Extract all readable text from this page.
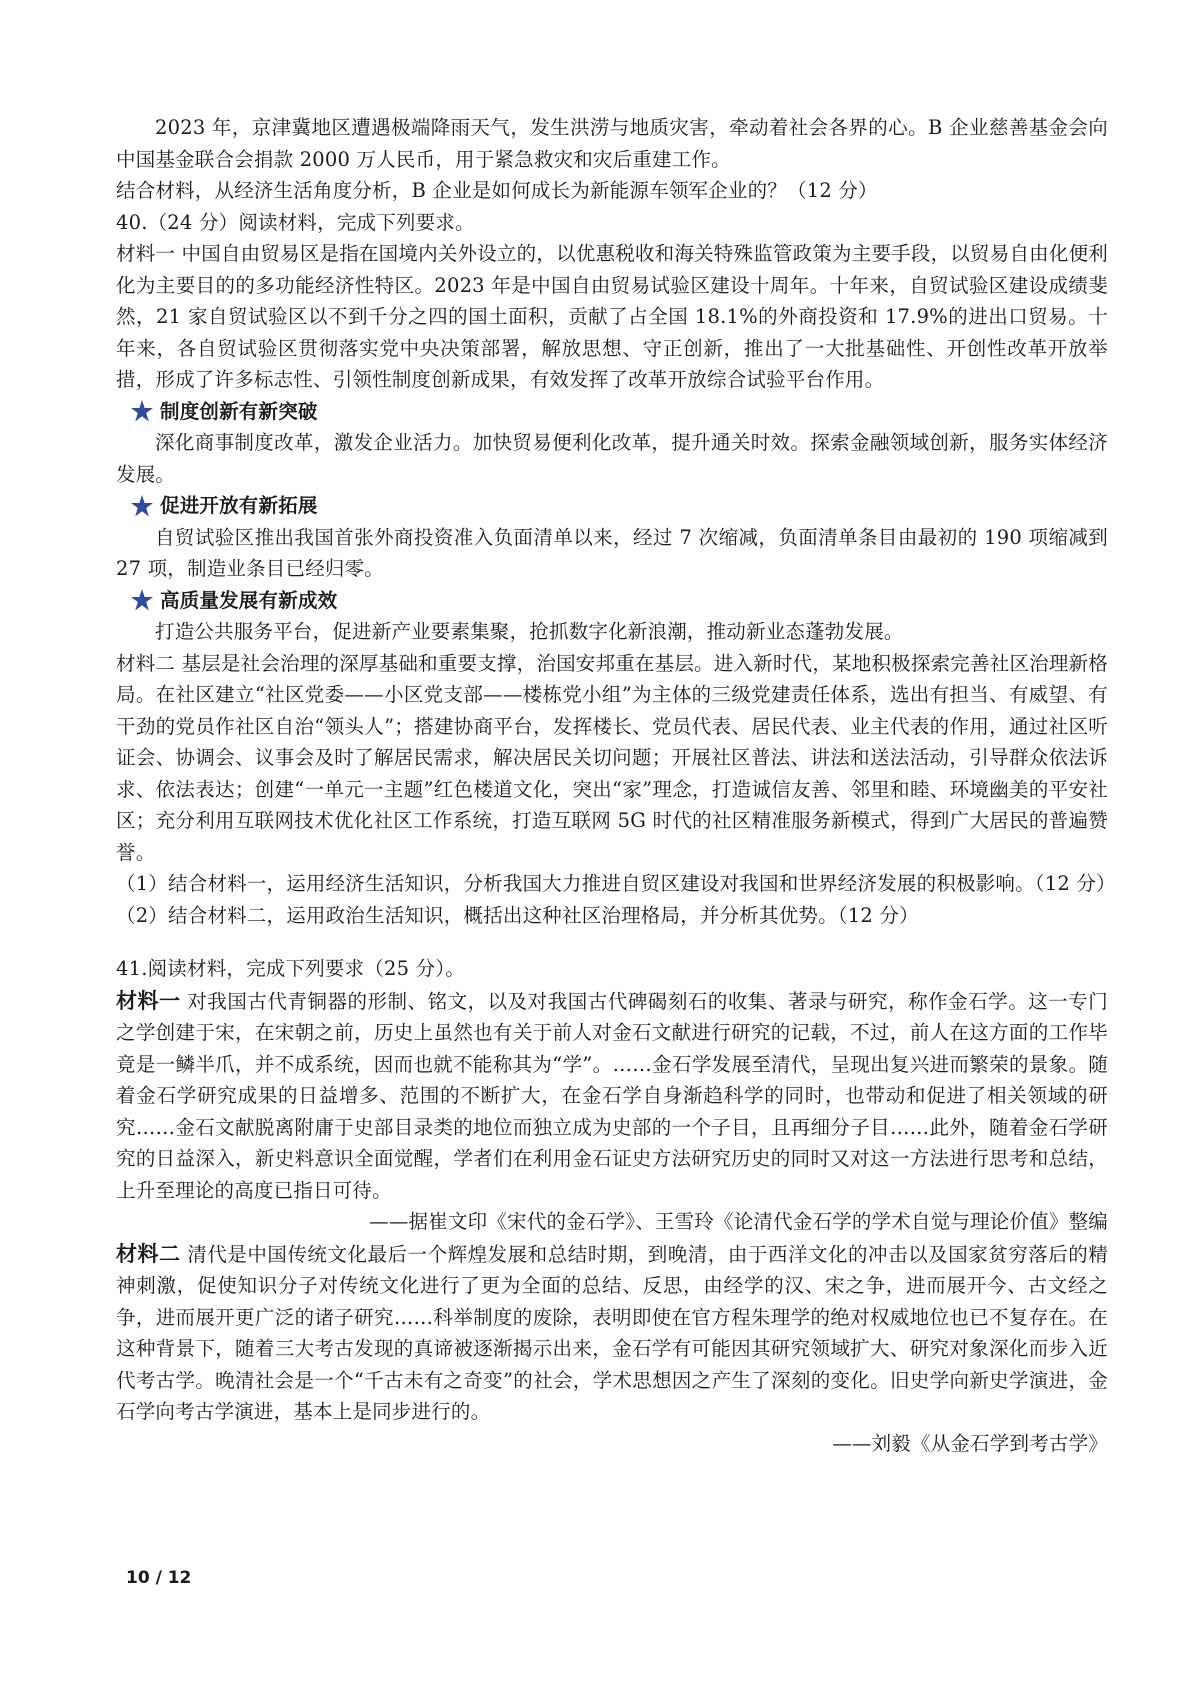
2023 年，京津冀地区遭遇极端降雨天气，发生洪涝与地质灾害，牵动着社会各界的心。B 企业慈善基金会向中国基金联合会捐款 2000 万人民币，用于紧急救灾和灾后重建工作。

结合材料，从经济生活角度分析，B 企业是如何成长为新能源车领军企业的？（12 分）

40.（24 分）阅读材料，完成下列要求。

材料一 中国自由贸易区是指在国境内关外设立的，以优惠税收和海关特殊监管政策为主要手段，以贸易自由化便利化为主要目的的多功能经济性特区。2023 年是中国自由贸易试验区建设十周年。十年来，自贸试验区建设成绩斐然，21 家自贸试验区以不到千分之四的国土面积，贡献了占全国 18.1%的外商投资和 17.9%的进出口贸易。十年来，各自贸试验区贯彻落实党中央决策部署，解放思想、守正创新，推出了一大批基础性、开创性改革开放举措，形成了许多标志性、引领性制度创新成果，有效发挥了改革开放综合试验平台作用。

制度创新有新突破

深化商事制度改革，激发企业活力。加快贸易便利化改革，提升通关时效。探索金融领域创新，服务实体经济发展。

促进开放有新拓展

自贸试验区推出我国首张外商投资准入负面清单以来，经过 7 次缩减，负面清单条目由最初的 190 项缩减到 27 项，制造业条目已经归零。

高质量发展有新成效

打造公共服务平台，促进新产业要素集聚，抢抓数字化新浪潮，推动新业态蓬勃发展。

材料二 基层是社会治理的深厚基础和重要支撑，治国安邦重在基层。进入新时代，某地积极探索完善社区治理新格局。在社区建立“社区党委——小区党支部——楼栋党小组”为主体的三级党建责任体系，选出有担当、有威望、有干劲的党员作社区自治“领头人”；搭建协商平台，发挥楼长、党员代表、居民代表、业主代表的作用，通过社区听证会、协调会、议事会及时了解居民需求，解决居民关切问题；开展社区普法、讲法和送法活动，引导群众依法诉求、依法表达；创建“一单元一主题”红色楼道文化，突出“家”理念，打造诚信友善、邻里和睦、环境幽美的平安社区；充分利用互联网技术优化社区工作系统，打造互联网 5G 时代的社区精准服务新模式，得到广大居民的普遍赞誉。

（1）结合材料一，运用经济生活知识，分析我国大力推进自贸区建设对我国和世界经济发展的积极影响。（12 分）

（2）结合材料二，运用政治生活知识，概括出这种社区治理格局，并分析其优势。（12 分）

41.阅读材料，完成下列要求（25 分）。

材料一 对我国古代青铜器的形制、铭文，以及对我国古代碑碣刻石的收集、著录与研究，称作金石学。这一专门之学创建于宋，在宋朝之前，历史上虽然也有关于前人对金石文献进行研究的记载，不过，前人在这方面的工作毕竟是一鳞半爪，并不成系统，因而也就不能称其为“学”。……金石学发展至清代，呈现出复兴进而繁荣的景象。随着金石学研究成果的日益增多、范围的不断扩大，在金石学自身渐趋科学的同时，也带动和促进了相关领域的研究……金石文献脱离附庸于史部目录类的地位而独立成为史部的一个子目，且再细分子目……此外，随着金石学研究的日益深入，新史料意识全面觉醒，学者们在利用金石证史方法研究历史的同时又对这一方法进行思考和总结，上升至理论的高度已指日可待。

——据崔文印《宋代的金石学》、王雪玲《论清代金石学的学术自觉与理论价值》整编

材料二 清代是中国传统文化最后一个辉煌发展和总结时期，到晚清，由于西洋文化的冲击以及国家贫穷落后的精神刺激，促使知识分子对传统文化进行了更为全面的总结、反思，由经学的汉、宋之争，进而展开今、古文经之争，进而展开更广泛的诸子研究……科举制度的废除，表明即使在官方程朱理学的绝对权威地位也已不复存在。在这种背景下，随着三大考古发现的真谛被逐渐揭示出来，金石学有可能因其研究领域扩大、研究对象深化而步入近代考古学。晚清社会是一个“千古未有之奇变”的社会，学术思想因之产生了深刻的变化。旧史学向新史学演进，金石学向考古学演进，基本上是同步进行的。

——刘毅《从金石学到考古学》

10 / 12
